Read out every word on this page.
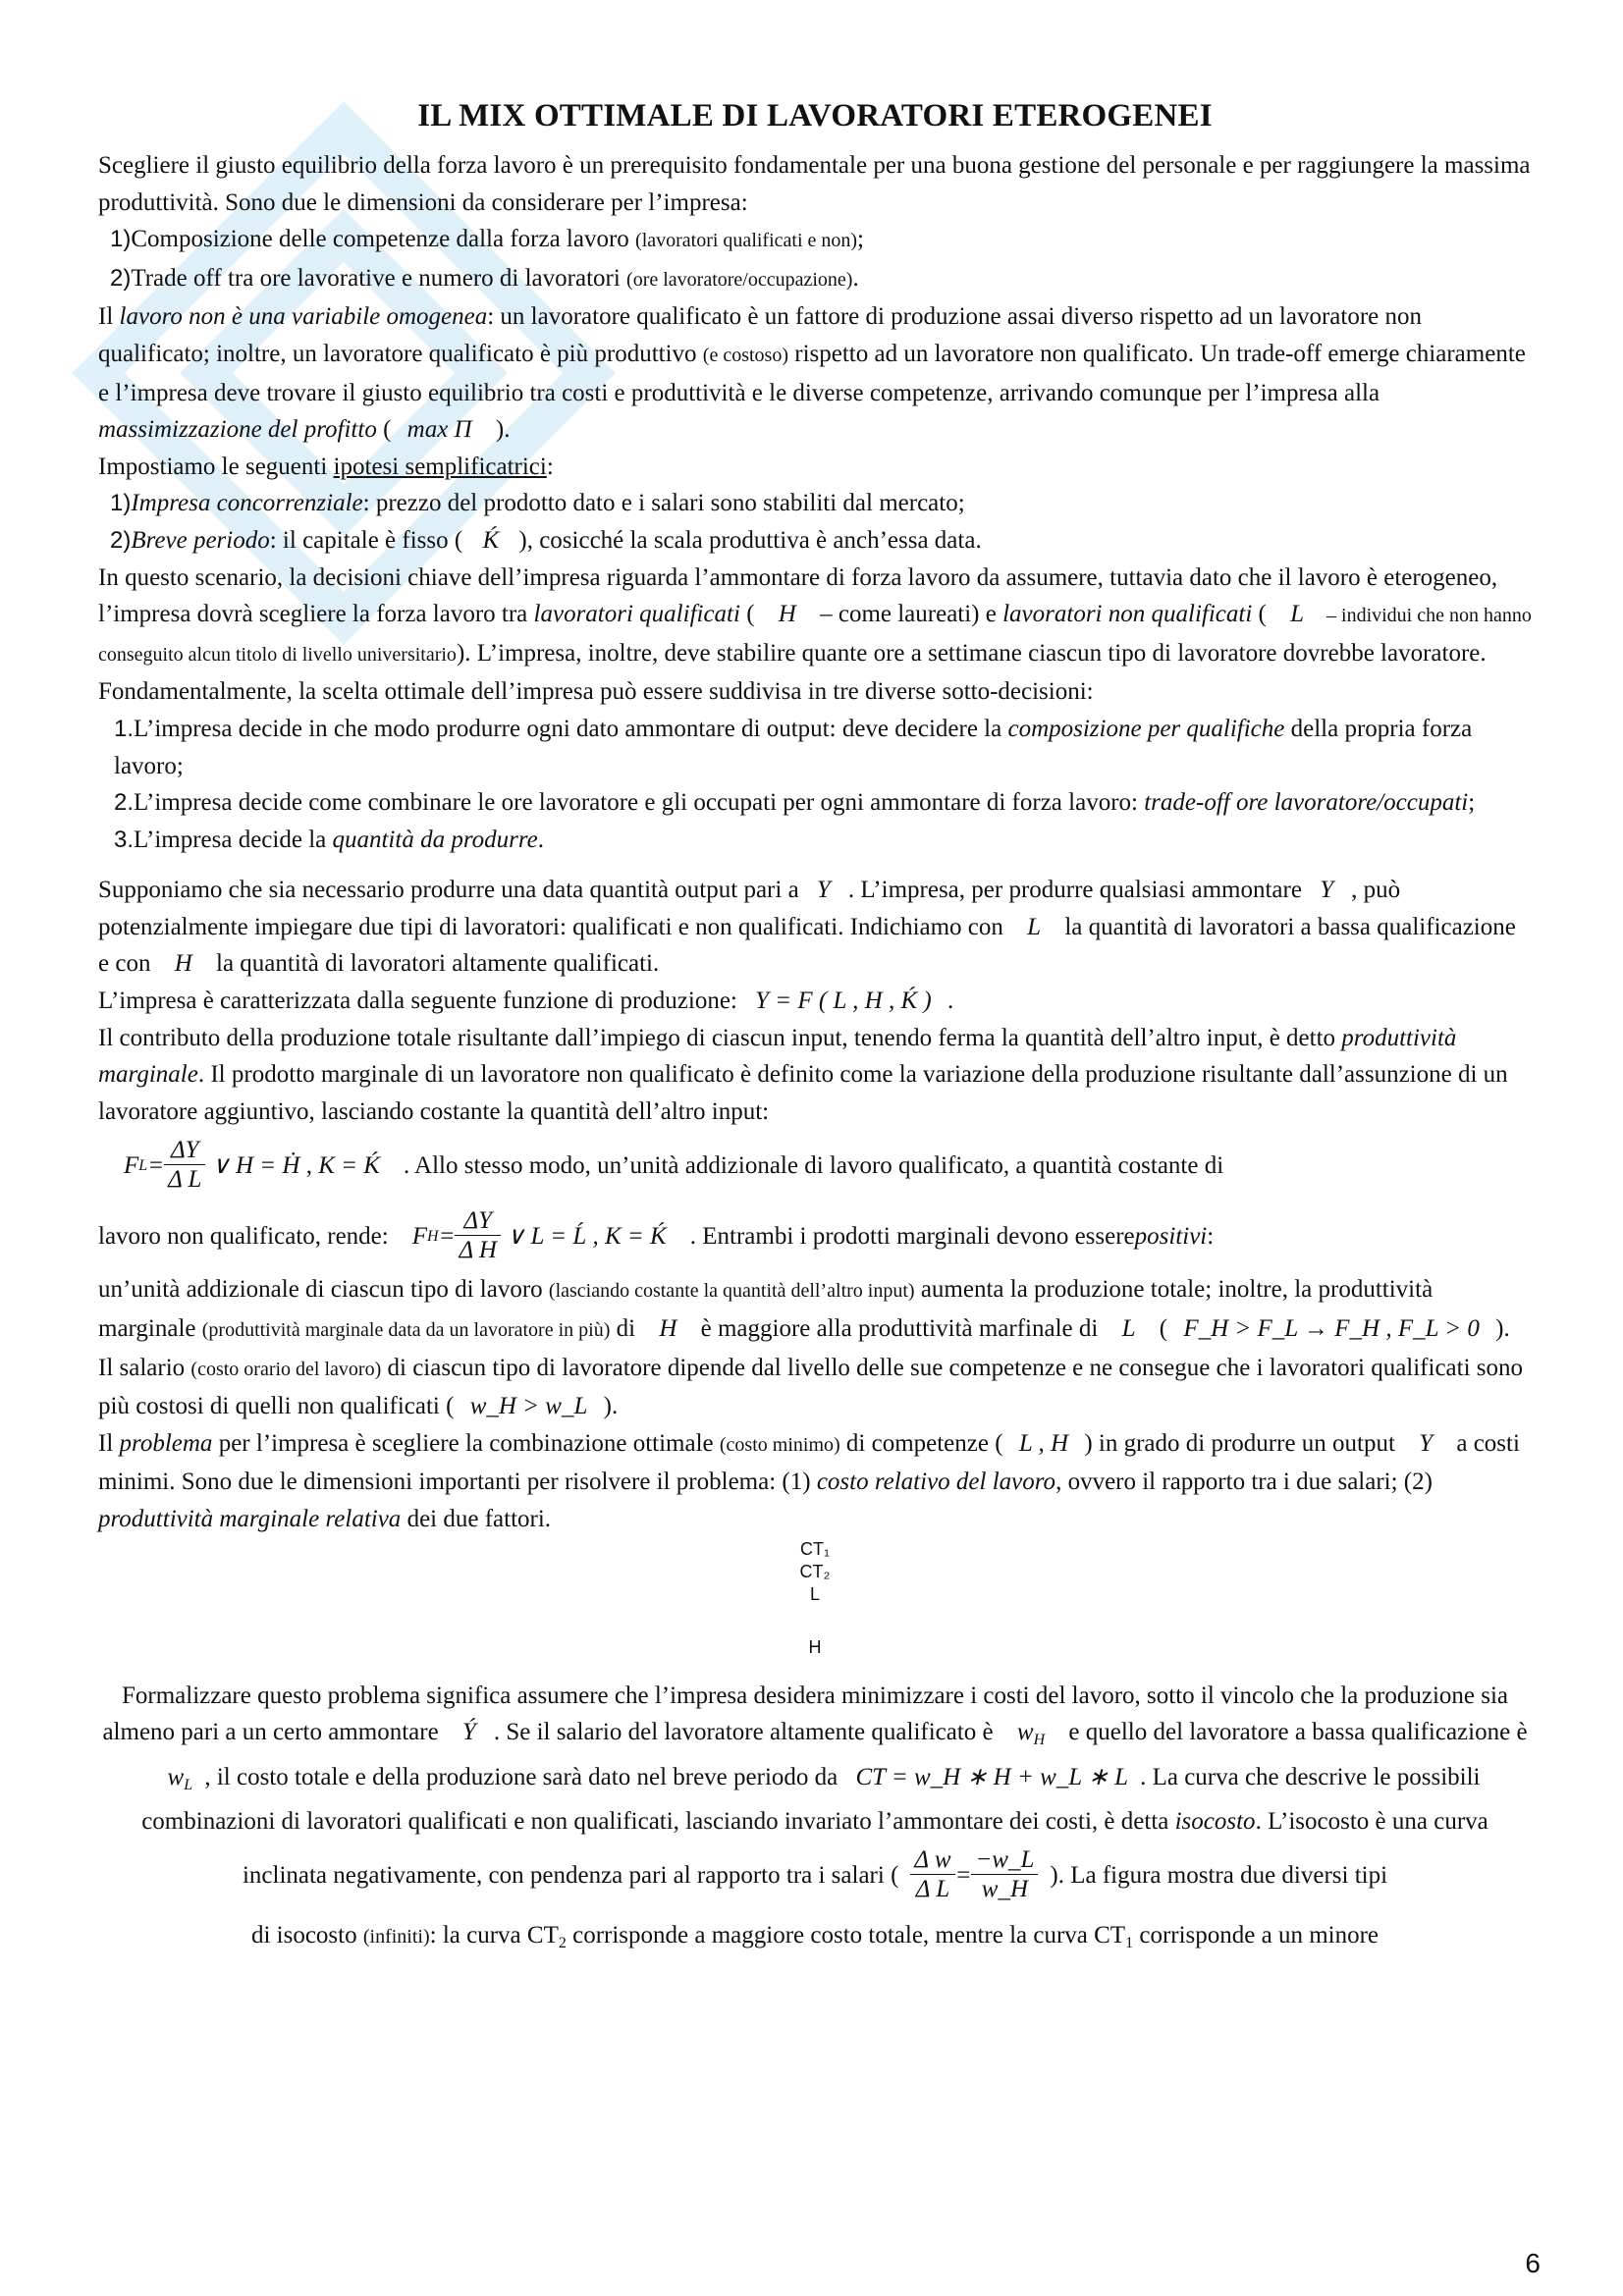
IL MIX OTTIMALE DI LAVORATORI ETEROGENEI

Scegliere il giusto equilibrio della forza lavoro è un prerequisito fondamentale per una buona gestione del personale e per raggiungere la massima produttività. Sono due le dimensioni da considerare per l’impresa:

1)Composizione delle competenze dalla forza lavoro (lavoratori qualificati e non);

2)Trade off tra ore lavorative e numero di lavoratori (ore lavoratore/occupazione).

Il lavoro non è una variabile omogenea: un lavoratore qualificato è un fattore di produzione assai diverso rispetto ad un lavoratore non qualificato; inoltre, un lavoratore qualificato è più produttivo (e costoso) rispetto ad un lavoratore non qualificato. Un trade-off emerge chiaramente e l’impresa deve trovare il giusto equilibrio tra costi e produttività e le diverse competenze, arrivando comunque per l’impresa alla massimizzazione del profitto ( max Π ).

Impostiamo le seguenti ipotesi semplificatrici:

1)Impresa concorrenziale: prezzo del prodotto dato e i salari sono stabiliti dal mercato;

2)Breve periodo: il capitale è fisso ( Ḱ ), cosicché la scala produttiva è anch’essa data.

In questo scenario, la decisioni chiave dell’impresa riguarda l’ammontare di forza lavoro da assumere, tuttavia dato che il lavoro è eterogeneo, l’impresa dovrà scegliere la forza lavoro tra lavoratori qualificati ( H – come laureati) e lavoratori non qualificati ( L – individui che non hanno conseguito alcun titolo di livello universitario). L’impresa, inoltre, deve stabilire quante ore a settimane ciascun tipo di lavoratore dovrebbe lavoratore. Fondamentalmente, la scelta ottimale dell’impresa può essere suddivisa in tre diverse sotto-decisioni:

1.L’impresa decide in che modo produrre ogni dato ammontare di output: deve decidere la composizione per qualifiche della propria forza lavoro;

2.L’impresa decide come combinare le ore lavoratore e gli occupati per ogni ammontare di forza lavoro: trade-off ore lavoratore/occupati;

3.L’impresa decide la quantità da produrre.

Supponiamo che sia necessario produrre una data quantità output pari a Y . L’impresa, per produrre qualsiasi ammontare Y , può potenzialmente impiegare due tipi di lavoratori: qualificati e non qualificati. Indichiamo con L la quantità di lavoratori a bassa qualificazione e con H la quantità di lavoratori altamente qualificati.

L’impresa è caratterizzata dalla seguente funzione di produzione: Y = F ( L , H , Ḱ ) .

Il contributo della produzione totale risultante dall’impiego di ciascun input, tenendo ferma la quantità dell’altro input, è detto produttività marginale. Il prodotto marginale di un lavoratore non qualificato è definito come la variazione della produzione risultante dall’assunzione di un lavoratore aggiuntivo, lasciando costante la quantità dell’altro input:

F $L = \frac{\Delta Y}{\text{Δ L}}$ ∨ H = Ḣ , K = Ḱ . Allo stesso modo, un’unità addizionale di lavoro qualificato, a quantità costante di
lavoro non qualificato, rende: F $H = \frac{\Delta Y}{\text{Δ H}}$ ∨ L = Ĺ , K = Ḱ . Entrambi i prodotti marginali devono essere positivi :

un’unità addizionale di ciascun tipo di lavoro (lasciando costante la quantità dell’altro input) aumenta la produzione totale; inoltre, la produttività marginale (produttività marginale data da un lavoratore in più) di H è maggiore alla produttività marfinale di L ( F_H > F_L → F_H , F_L > 0 ).

Il salario (costo orario del lavoro) di ciascun tipo di lavoratore dipende dal livello delle sue competenze e ne consegue che i lavoratori qualificati sono più costosi di quelli non qualificati ( w_H > w_L ).

Il problema per l’impresa è scegliere la combinazione ottimale (costo minimo) di competenze ( L , H ) in grado di produrre un output Y a costi minimi. Sono due le dimensioni importanti per risolvere il problema: (1) costo relativo del lavoro, ovvero il rapporto tra i due salari; (2) produttività marginale relativa dei due fattori.

CT₁
CT₂
L
H

Formalizzare questo problema significa assumere che l’impresa desidera minimizzare i costi del lavoro, sotto il vincolo che la produzione sia almeno pari a un certo ammontare Ý . Se il salario del lavoratore altamente qualificato è $w_H$ e quello del lavoratore a bassa qualificazione è $w_L$ , il costo totale e della produzione sarà dato nel breve periodo da CT = w_H ∗ H + w_L ∗ L . La curva che descrive le possibili combinazioni di lavoratori qualificati e non qualificati, lasciando invariato l’ammontare dei costi, è detta isocosto. L’isocosto è una curva

inclinata negativamente, con pendenza pari al rapporto tra i salari ( $\frac{\text{Δ w}}{\text{Δ L}} = \frac{-w\_L}{w\_H}$ ). La figura mostra due diversi tipi

di isocosto (infiniti): la curva $CT_2$ corrisponde a maggiore costo totale, mentre la curva $CT_1$ corrisponde a un minore

6
